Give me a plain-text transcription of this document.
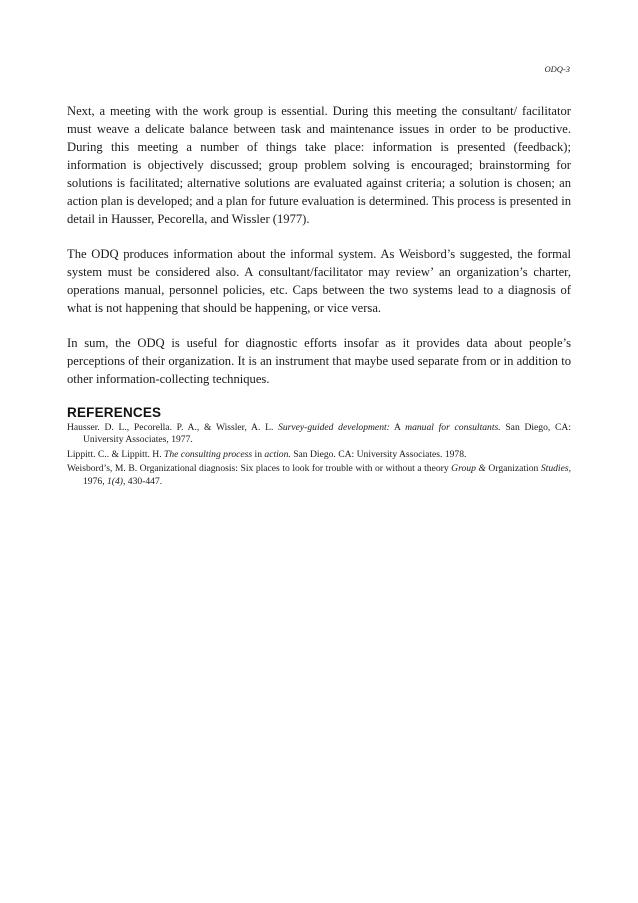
ODQ-3

Next, a meeting with the work group is essential. During this meeting the consultant/ facilitator must weave a delicate balance between task and maintenance issues in order to be productive. During this meeting a number of things take place: information is presented (feedback); information is objectively discussed; group problem solving is encouraged; brainstorming for solutions is facilitated; alternative solutions are evaluated against criteria; a solution is chosen; an action plan is developed; and a plan for future evaluation is determined. This process is presented in detail in Hausser, Pecorella, and Wissler (1977).

The ODQ produces information about the informal system. As Weisbord’s suggested, the formal system must be considered also. A consultant/facilitator may review’ an organization’s charter, operations manual, personnel policies, etc. Caps between the two systems lead to a diagnosis of what is not happening that should be happening, or vice versa.

In sum, the ODQ is useful for diagnostic efforts insofar as it provides data about people’s perceptions of their organization. It is an instrument that maybe used separate from or in addition to other information-collecting techniques.

REFERENCES

Hausser. D. L., Pecorella. P. A., & Wissler, A. L. Survey-guided development: A manual for consultants. San Diego, CA: University Associates, 1977.

Lippitt. C.. & Lippitt. H. The consulting process in action. San Diego. CA: University Associates. 1978.

Weisbord’s, M. B. Organizational diagnosis: Six places to look for trouble with or without a theory Group & Organization Studies, 1976, 1(4), 430-447.
